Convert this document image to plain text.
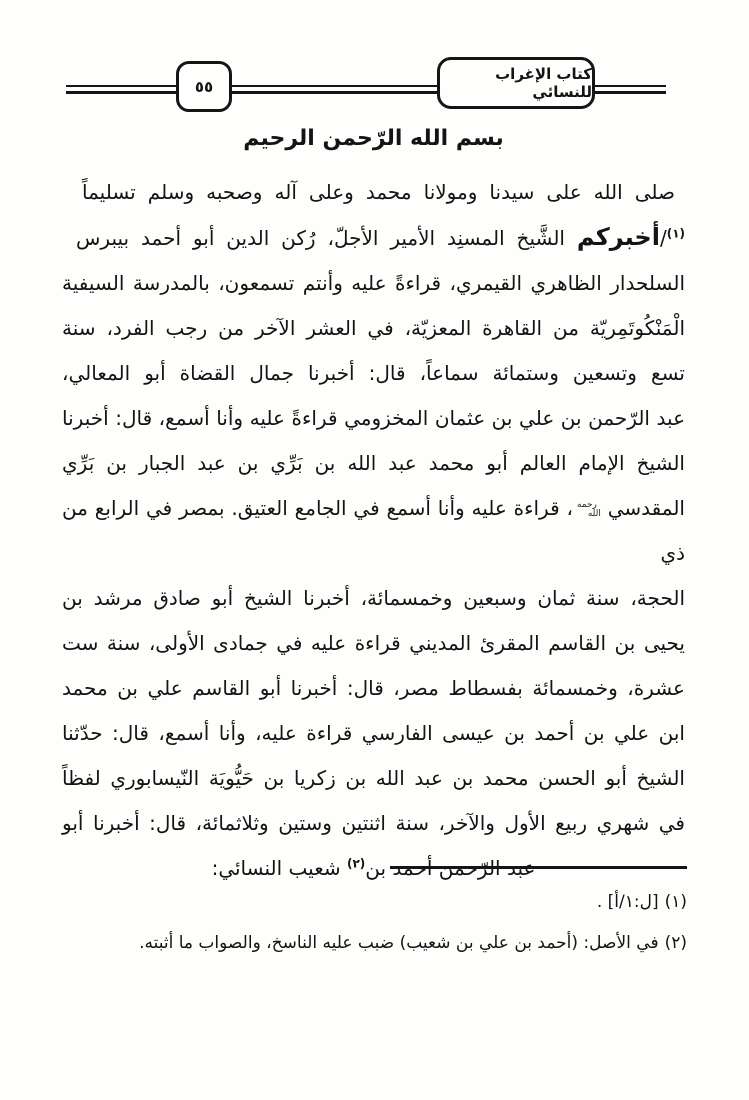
كتاب الإغراب للنسائي
٥٥
بسم الله الرّحمن الرحيم
صلى الله على سيدنا ومولانا محمد وعلى آله وصحبه وسلم تسليماً
$^{(١)}$/أخبركم الشَّيخ المسنِد الأمير الأجلّ، رُكن الدين أبو أحمد بيبرس
السلحدار الظاهري القيمري، قراءةً عليه وأنتم تسمعون، بالمدرسة السيفية
الْمَنْكُوتَمِريّة من القاهرة المعزيّة، في العشر الآخر من رجب الفرد، سنة
تسع وتسعين وستمائة سماعاً، قال: أخبرنا جمال القضاة أبو المعالي،
عبد الرّحمن بن علي بن عثمان المخزومي قراءةً عليه وأنا أسمع، قال: أخبرنا
الشيخ الإمام العالم أبو محمد عبد الله بن بَرِّي بن عبد الجبار بن بَرِّي
المقدسي رحمه الله، قراءة عليه وأنا أسمع في الجامع العتيق. بمصر في الرابع من ذي
الحجة، سنة ثمان وسبعين وخمسمائة، أخبرنا الشيخ أبو صادق مرشد بن
يحيى بن القاسم المقرئ المديني قراءة عليه في جمادى الأولى، سنة ست
عشرة، وخمسمائة بفسطاط مصر، قال: أخبرنا أبو القاسم علي بن محمد
ابن علي بن أحمد بن عيسى الفارسي قراءة عليه، وأنا أسمع، قال: حدّثنا
الشيخ أبو الحسن محمد بن عبد الله بن زكريا بن حَيُّويَة النّيسابوري لفظاً
في شهري ربيع الأول والآخر، سنة اثنتين وستين وثلاثمائة، قال: أخبرنا أبو
عبد الرّحمن أحمد بن$^{(٢)}$ شعيب النسائي:
(١)[ل:١/أ] .
(٢)في الأصل: (أحمد بن علي بن شعيب) ضبب عليه الناسخ، والصواب ما أثبته.
